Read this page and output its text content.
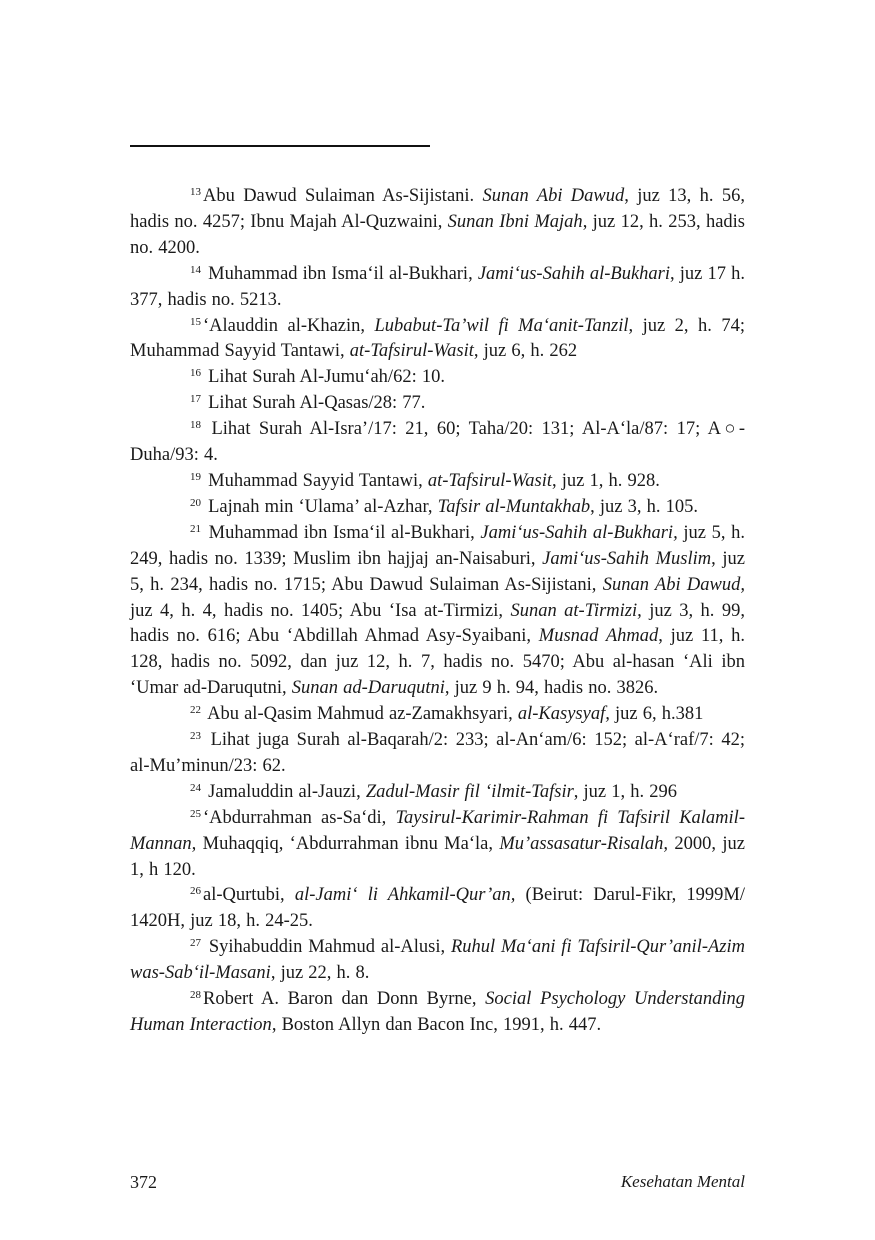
$^{13}$ Abu Dawud Sulaiman As-Sijistani. Sunan Abi Dawud, juz 13, h. 56, hadis no. 4257; Ibnu Majah Al-Quzwaini, Sunan Ibni Majah, juz 12, h. 253, hadis no. 4200.

$^{14}$ Muhammad ibn Isma‘il al-Bukhari, Jami‘us-Sahih al-Bukhari, juz 17 h. 377, hadis no. 5213.

$^{15}$ ‘Alauddin al-Khazin, Lubabut-Ta’wil fi Ma‘anit-Tanzil, juz 2, h. 74; Muhammad Sayyid Tantawi, at-Tafsirul-Wasit, juz 6, h. 262

$^{16}$ Lihat Surah Al-Jumu‘ah/62: 10.

$^{17}$ Lihat Surah Al-Qasas/28: 77.

$^{18}$ Lihat Surah Al-Isra’/17: 21, 60; Taha/20: 131; Al-A‘la/87: 17; A○-Duha/93: 4.

$^{19}$ Muhammad Sayyid Tantawi, at-Tafsirul-Wasit, juz 1, h. 928.

$^{20}$ Lajnah min ‘Ulama’ al-Azhar, Tafsir al-Muntakhab, juz 3, h. 105.

$^{21}$ Muhammad ibn Isma‘il al-Bukhari, Jami‘us-Sahih al-Bukhari, juz 5, h. 249, hadis no. 1339; Muslim ibn hajjaj an-Naisaburi, Jami‘us-Sahih Muslim, juz 5, h. 234, hadis no. 1715; Abu Dawud Sulaiman As-Sijistani, Sunan Abi Dawud, juz 4, h. 4, hadis no. 1405; Abu ‘Isa at-Tirmizi, Sunan at-Tirmizi, juz 3, h. 99, hadis no. 616; Abu ‘Abdillah Ahmad Asy-Syaibani, Musnad Ahmad, juz 11, h. 128, hadis no. 5092, dan juz 12, h. 7, hadis no. 5470; Abu al-hasan ‘Ali ibn ‘Umar ad-Daruqutni, Sunan ad-Daruqutni, juz 9 h. 94, hadis no. 3826.

$^{22}$ Abu al-Qasim Mahmud az-Zamakhsyari, al-Kasysyaf, juz 6, h.381

$^{23}$ Lihat juga Surah al-Baqarah/2: 233; al-An‘am/6: 152; al-A‘raf/7: 42; al-Mu’minun/23: 62.

$^{24}$ Jamaluddin al-Jauzi, Zadul-Masir fil ‘ilmit-Tafsir, juz 1, h. 296

$^{25}$ ‘Abdurrahman as-Sa‘di, Taysirul-Karimir-Rahman fi Tafsiril Kalamil-Mannan, Muhaqqiq, ‘Abdurrahman ibnu Ma‘la, Mu’assasatur-Risalah, 2000, juz 1, h 120.

$^{26}$ al-Qurtubi, al-Jami‘ li Ahkamil-Qur’an, (Beirut: Darul-Fikr, 1999M/ 1420H, juz 18, h. 24-25.

$^{27}$ Syihabuddin Mahmud al-Alusi, Ruhul Ma‘ani fi Tafsiril-Qur’anil-Azim was-Sab‘il-Masani, juz 22, h. 8.

$^{28}$ Robert A. Baron dan Donn Byrne, Social Psychology Understanding Human Interaction, Boston Allyn dan Bacon Inc, 1991, h. 447.

372	Kesehatan Mental
